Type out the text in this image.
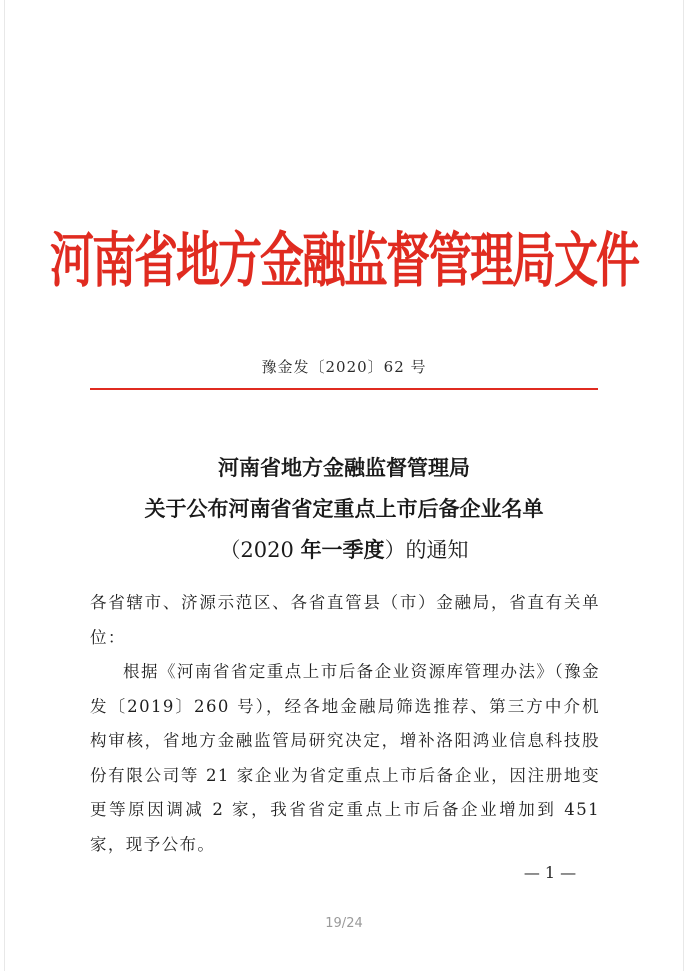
河南省地方金融监督管理局文件
豫金发〔2020〕62 号
河南省地方金融监督管理局
关于公布河南省省定重点上市后备企业名单
（2020 年一季度）的通知

各省辖市、济源示范区、各省直管县（市）金融局，省直有关单位：

根据《河南省省定重点上市后备企业资源库管理办法》（豫金发〔2019〕260 号），经各地金融局筛选推荐、第三方中介机构审核，省地方金融监管局研究决定，增补洛阳鸿业信息科技股份有限公司等 21 家企业为省定重点上市后备企业，因注册地变更等原因调减 2 家，我省省定重点上市后备企业增加到 451 家，现予公布。

— 1 —
19/24
